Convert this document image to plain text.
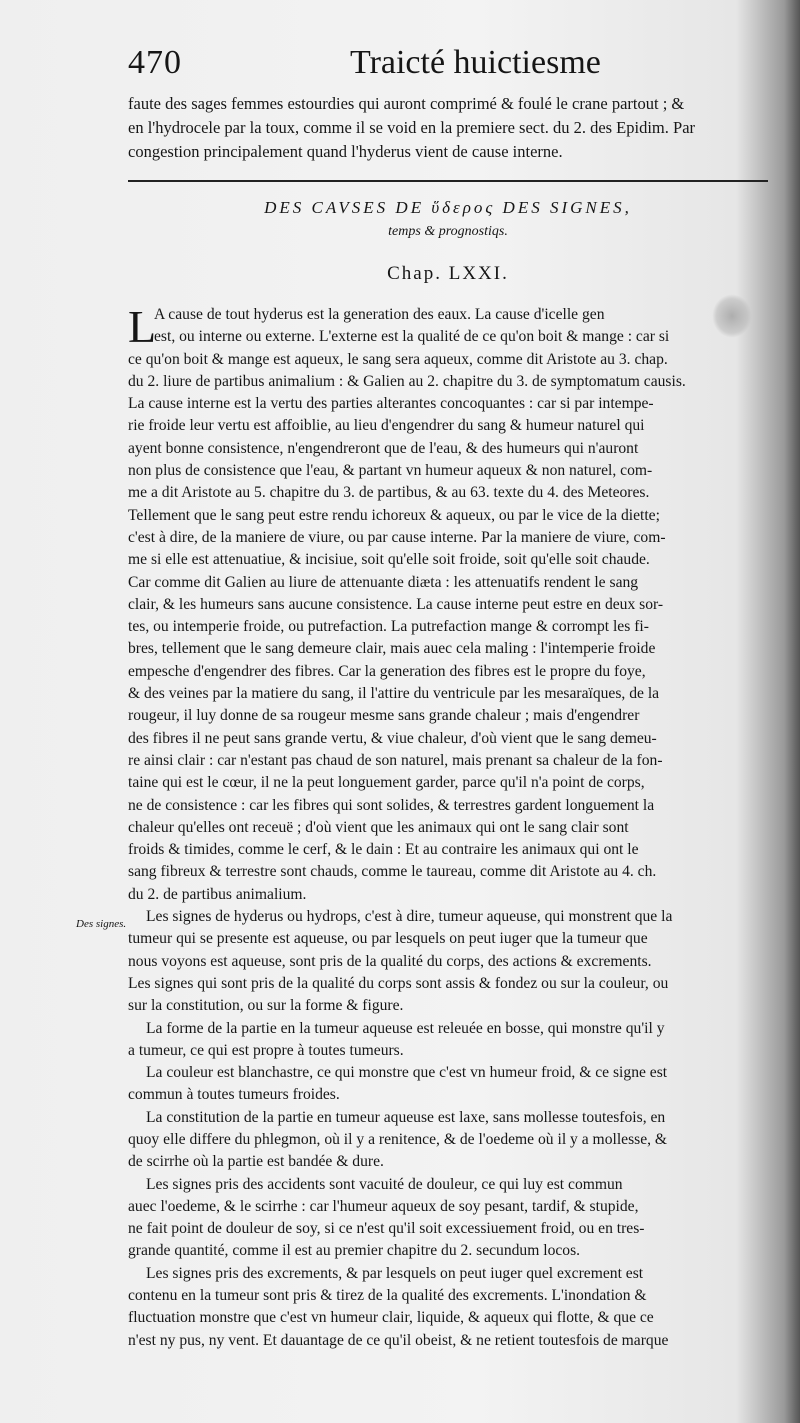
470	Traicté huictiesme
faute des sages femmes estourdies qui auront comprimé & foulé le crane partout ; &
en l'hydrocele par la toux, comme il se void en la premiere sect. du 2. des Epidim. Par
congestion principalement quand l'hyderus vient de cause interne.
DES CAVSES DE ὕδερος DES SIGNES,
temps & prognostiqs.
Chap. LXXI.
Des signes.
L
A cause de tout hyderus est la generation des eaux. La cause d'icelle gen
est, ou interne ou externe. L'externe est la qualité de ce qu'on boit & mange : car si
ce qu'on boit & mange est aqueux, le sang sera aqueux, comme dit Aristote au 3. chap.
du 2. liure de partibus animalium : & Galien au 2. chapitre du 3. de symptomatum causis.
La cause interne est la vertu des parties alterantes concoquantes : car si par intempe-
rie froide leur vertu est affoiblie, au lieu d'engendrer du sang & humeur naturel qui
ayent bonne consistence, n'engendreront que de l'eau, & des humeurs qui n'auront
non plus de consistence que l'eau, & partant vn humeur aqueux & non naturel, com-
me a dit Aristote au 5. chapitre du 3. de partibus, & au 63. texte du 4. des Meteores.
Tellement que le sang peut estre rendu ichoreux & aqueux, ou par le vice de la diette;
c'est à dire, de la maniere de viure, ou par cause interne. Par la maniere de viure, com-
me si elle est attenuatiue, & incisiue, soit qu'elle soit froide, soit qu'elle soit chaude.
Car comme dit Galien au liure de attenuante diæta : les attenuatifs rendent le sang
clair, & les humeurs sans aucune consistence. La cause interne peut estre en deux sor-
tes, ou intemperie froide, ou putrefaction. La putrefaction mange & corrompt les fi-
bres, tellement que le sang demeure clair, mais auec cela maling : l'intemperie froide
empesche d'engendrer des fibres. Car la generation des fibres est le propre du foye,
& des veines par la matiere du sang, il l'attire du ventricule par les mesaraïques, de la
rougeur, il luy donne de sa rougeur mesme sans grande chaleur ; mais d'engendrer
des fibres il ne peut sans grande vertu, & viue chaleur, d'où vient que le sang demeu-
re ainsi clair : car n'estant pas chaud de son naturel, mais prenant sa chaleur de la fon-
taine qui est le cœur, il ne la peut longuement garder, parce qu'il n'a point de corps,
ne de consistence : car les fibres qui sont solides, & terrestres gardent longuement la
chaleur qu'elles ont receuë ; d'où vient que les animaux qui ont le sang clair sont
froids & timides, comme le cerf, & le dain : Et au contraire les animaux qui ont le
sang fibreux & terrestre sont chauds, comme le taureau, comme dit Aristote au 4. ch.
du 2. de partibus animalium.
Les signes de hyderus ou hydrops, c'est à dire, tumeur aqueuse, qui monstrent que la
tumeur qui se presente est aqueuse, ou par lesquels on peut iuger que la tumeur que
nous voyons est aqueuse, sont pris de la qualité du corps, des actions & excrements.
Les signes qui sont pris de la qualité du corps sont assis & fondez ou sur la couleur, ou
sur la constitution, ou sur la forme & figure.
La forme de la partie en la tumeur aqueuse est releuée en bosse, qui monstre qu'il y
a tumeur, ce qui est propre à toutes tumeurs.
La couleur est blanchastre, ce qui monstre que c'est vn humeur froid, & ce signe est
commun à toutes tumeurs froides.
La constitution de la partie en tumeur aqueuse est laxe, sans mollesse toutesfois, en
quoy elle differe du phlegmon, où il y a renitence, & de l'oedeme où il y a mollesse, &
de scirrhe où la partie est bandée & dure.
Les signes pris des accidents sont vacuité de douleur, ce qui luy est commun
auec l'oedeme, & le scirrhe : car l'humeur aqueux de soy pesant, tardif, & stupide,
ne fait point de douleur de soy, si ce n'est qu'il soit excessiuement froid, ou en tres-
grande quantité, comme il est au premier chapitre du 2. secundum locos.
Les signes pris des excrements, & par lesquels on peut iuger quel excrement est
contenu en la tumeur sont pris & tirez de la qualité des excrements. L'inondation &
fluctuation monstre que c'est vn humeur clair, liquide, & aqueux qui flotte, & que ce
n'est ny pus, ny vent. Et dauantage de ce qu'il obeist, & ne retient toutesfois de marque
